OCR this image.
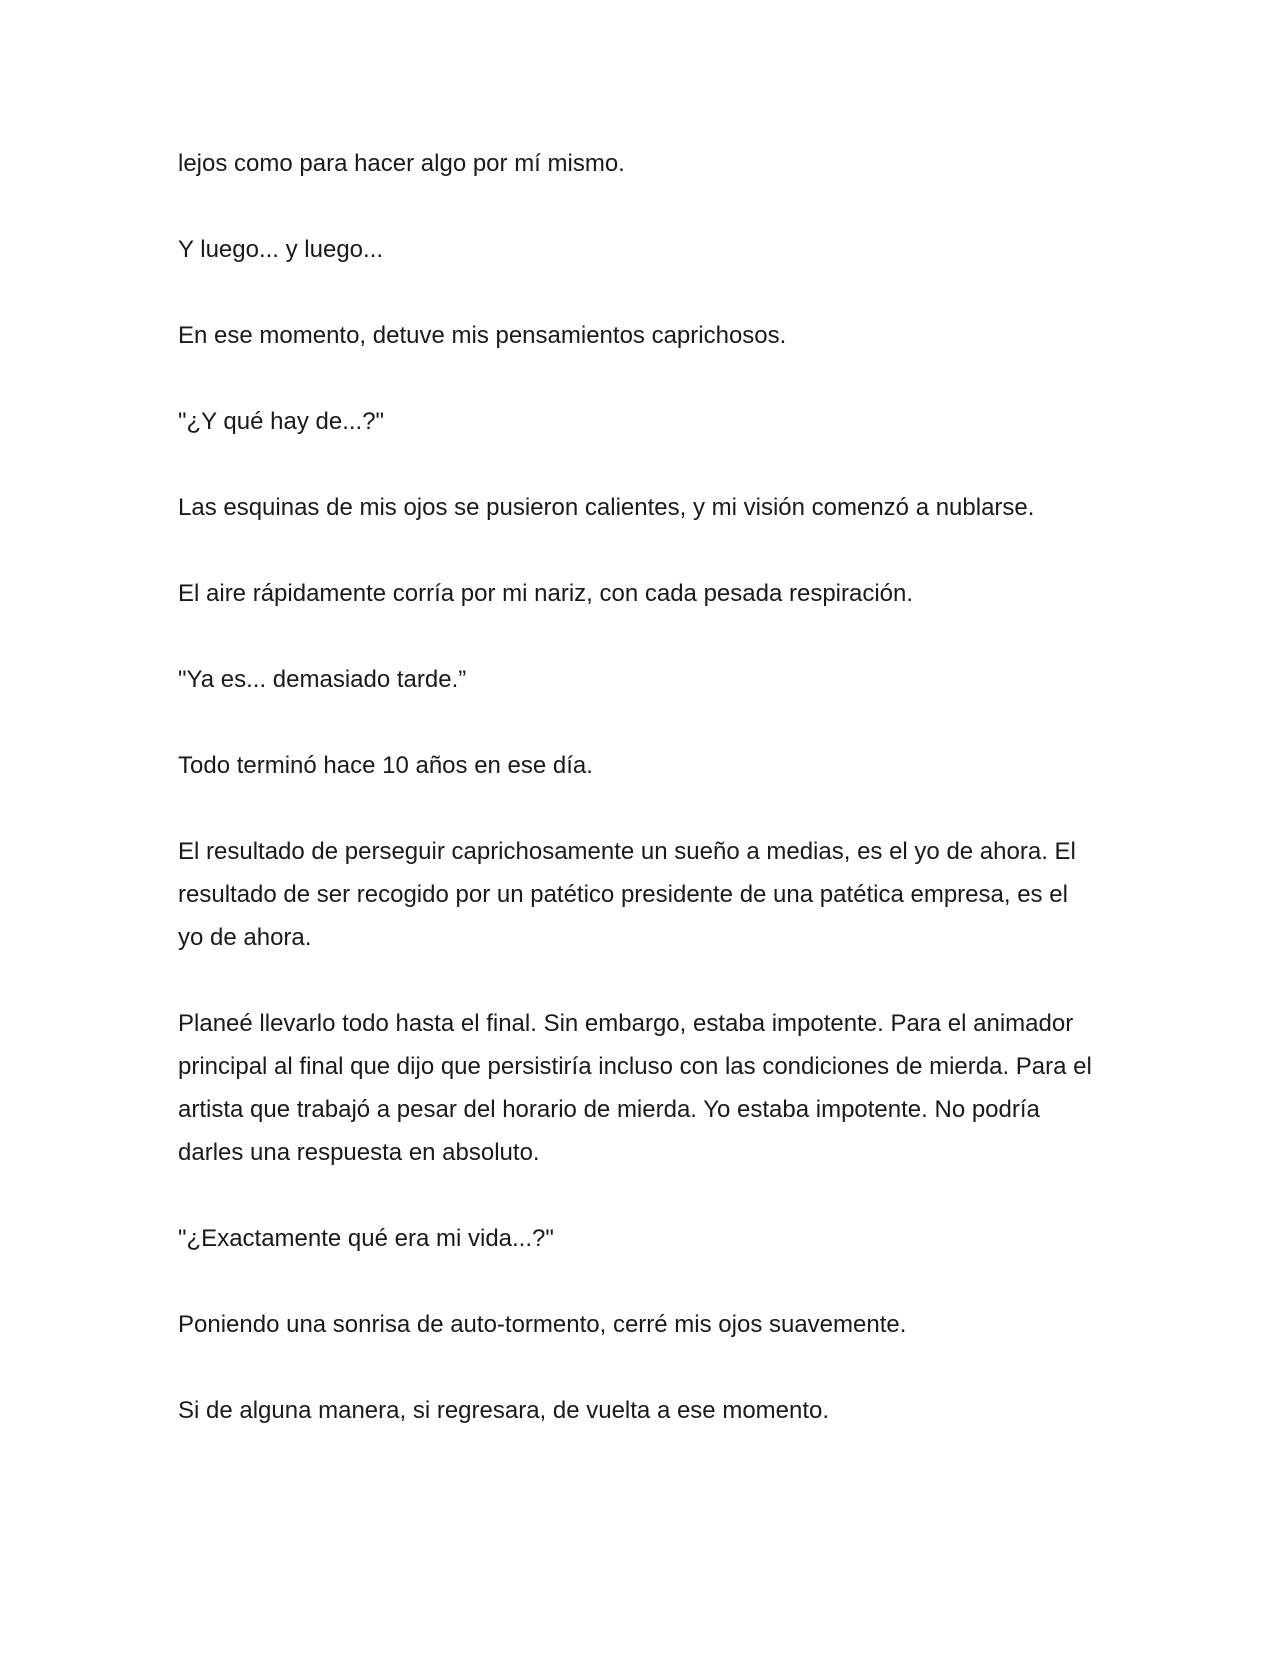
lejos como para hacer algo por mí mismo.

Y luego... y luego...

En ese momento, detuve mis pensamientos caprichosos.

"¿Y qué hay de...?"

Las esquinas de mis ojos se pusieron calientes, y mi visión comenzó a nublarse.

El aire rápidamente corría por mi nariz, con cada pesada respiración.

"Ya es... demasiado tarde.”

Todo terminó hace 10 años en ese día.

El resultado de perseguir caprichosamente un sueño a medias, es el yo de ahora. El resultado de ser recogido por un patético presidente de una patética empresa, es el yo de ahora.

Planeé llevarlo todo hasta el final. Sin embargo, estaba impotente. Para el animador principal al final que dijo que persistiría incluso con las condiciones de mierda. Para el artista que trabajó a pesar del horario de mierda. Yo estaba impotente. No podría darles una respuesta en absoluto.

"¿Exactamente qué era mi vida...?"

Poniendo una sonrisa de auto-tormento, cerré mis ojos suavemente.

Si de alguna manera, si regresara, de vuelta a ese momento.
